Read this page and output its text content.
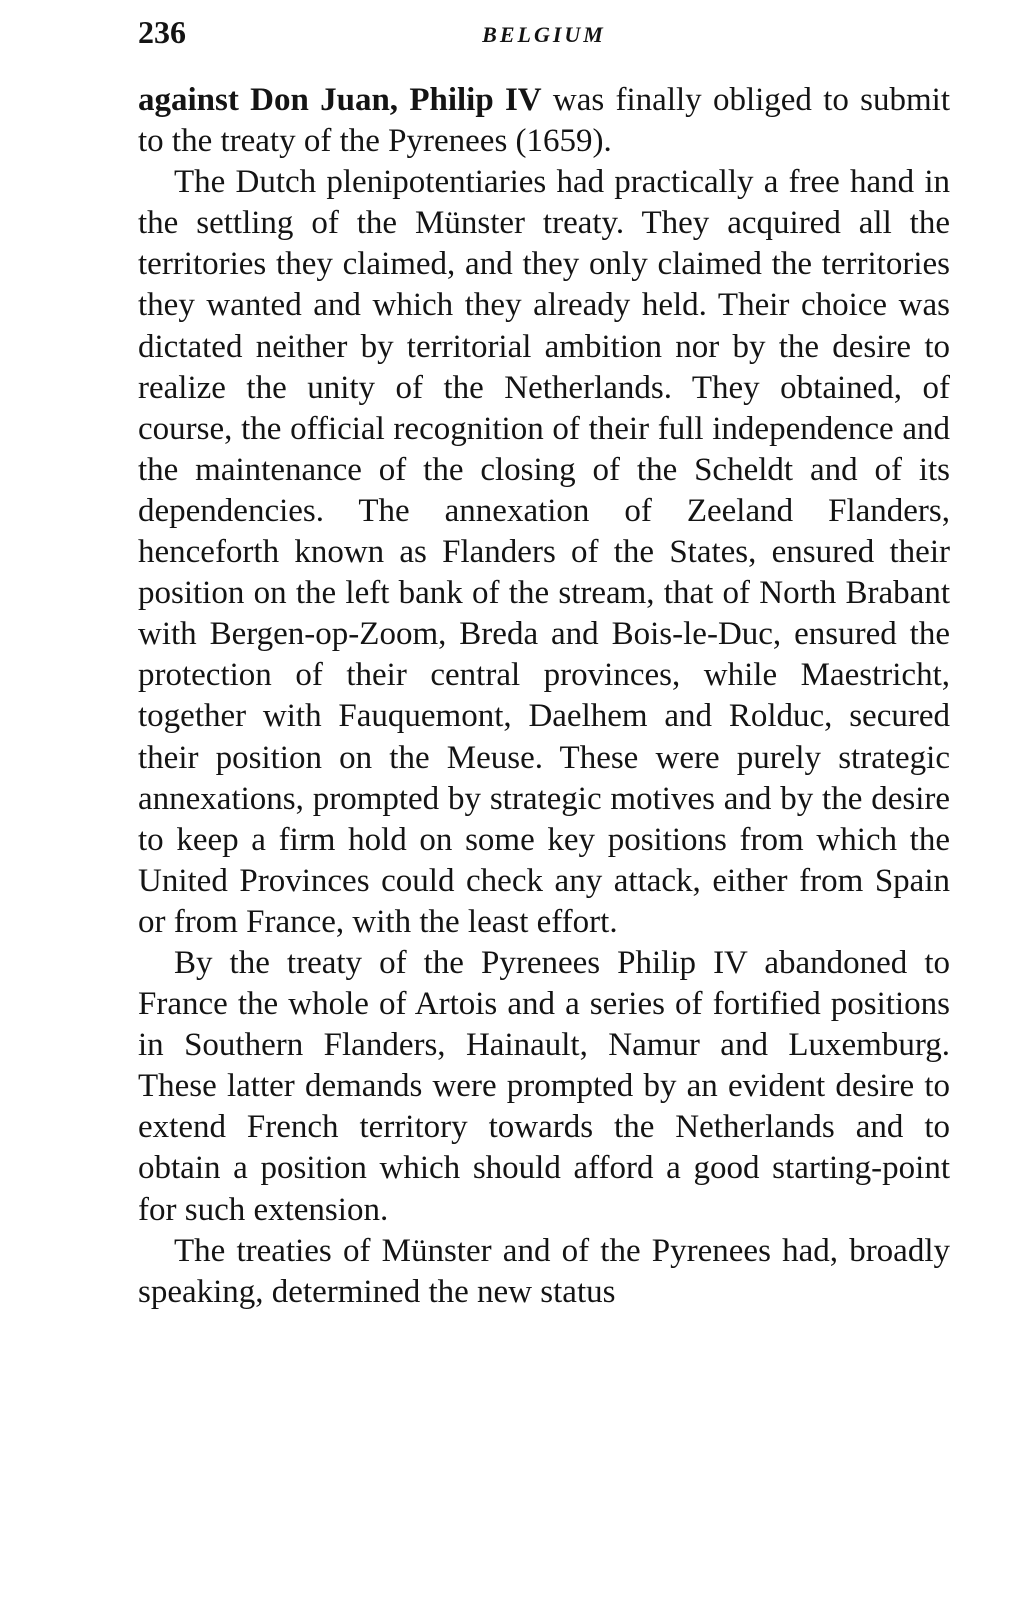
236	BELGIUM

against Don Juan, Philip IV was finally obliged to submit to the treaty of the Pyrenees (1659).

The Dutch plenipotentiaries had practically a free hand in the settling of the Münster treaty. They acquired all the territories they claimed, and they only claimed the territories they wanted and which they already held. Their choice was dictated neither by territorial ambition nor by the desire to realize the unity of the Netherlands. They obtained, of course, the official recognition of their full independence and the maintenance of the closing of the Scheldt and of its dependencies. The annexation of Zeeland Flanders, henceforth known as Flanders of the States, ensured their position on the left bank of the stream, that of North Brabant with Bergen-op-Zoom, Breda and Bois-le-Duc, ensured the protection of their central provinces, while Maestricht, together with Fauquemont, Daelhem and Rolduc, secured their position on the Meuse. These were purely strategic annexations, prompted by strategic motives and by the desire to keep a firm hold on some key positions from which the United Provinces could check any attack, either from Spain or from France, with the least effort.

By the treaty of the Pyrenees Philip IV abandoned to France the whole of Artois and a series of fortified positions in Southern Flanders, Hainault, Namur and Luxemburg. These latter demands were prompted by an evident desire to extend French territory towards the Netherlands and to obtain a position which should afford a good starting-point for such extension.

The treaties of Münster and of the Pyrenees had, broadly speaking, determined the new status
